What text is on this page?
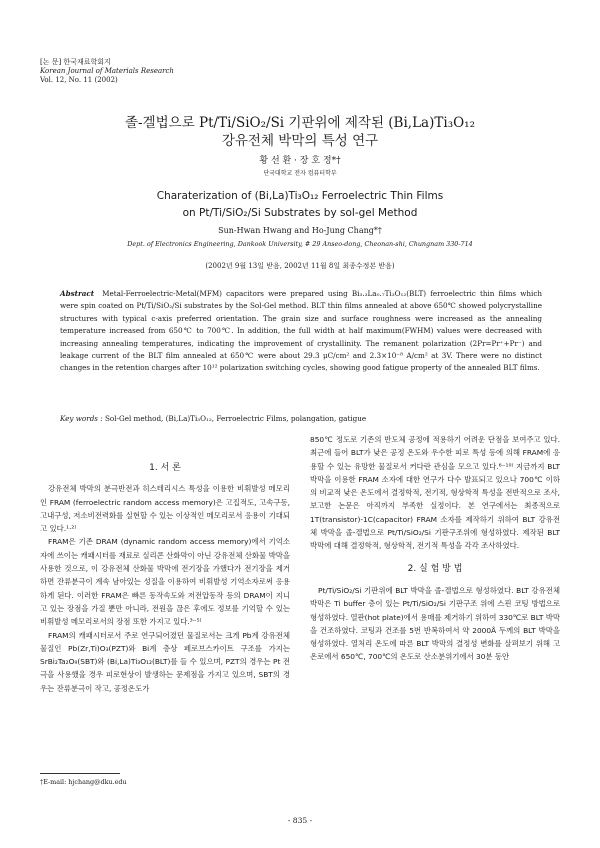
[논 문] 한국재료학회지
Korean Journal of Materials Research
Vol. 12, No. 11 (2002)
졸-겔법으로 Pt/Ti/SiO₂/Si 기판위에 제작된 (Bi,La)Ti₃O₁₂
강유전체 박막의 특성 연구
황 선 환 · 장 호 정*†
단국대학교 전자 컴퓨터학부
Charaterization of (Bi,La)Ti₃O₁₂ Ferroelectric Thin Films
on Pt/Ti/SiO₂/Si Substrates by sol-gel Method
Sun-Hwan Hwang and Ho-Jung Chang*†
Dept. of Electronics Engineering, Dankook University, # 29 Anseo-dong, Cheonan-shi, Chungnam 330-714
(2002년 9월 13일 받음, 2002년 11월 8일 최종수정본 받음)
Abstract Metal-Ferroelectric-Metal(MFM) capacitors were prepared using Bi₃.₃La₀.₇Ti₃O₁₂(BLT) ferroelectric thin films which were spin coated on Pt/Ti/SiO₂/Si substrates by the Sol-Gel method. BLT thin films annealed at above 650℃ showed polycrystalline structures with typical c-axis preferred orientation. The grain size and surface roughness were increased as the annealing temperature increased from 650℃ to 700℃. In addition, the full width at half maximum(FWHM) values were decreased with increasing annealing temperatures, indicating the improvement of crystallinity. The remanent polarization (2Pr=Pr⁺+Pr⁻) and leakage current of the BLT film annealed at 650℃ were about 29.3 μC/cm² and 2.3×10⁻⁸ A/cm² at 3V. There were no distinct changes in the retention charges after 10¹² polarization switching cycles, showing good fatigue property of the annealed BLT films.
Key words : Sol-Gel method, (Bi,La)Ti₃O₁₂, Ferroelectric Films, polangation, gatigue
1. 서 론

강유전체 박막의 분극반전과 히스테리시스 특성을 이용한 비휘발성 메모리인 FRAM (ferroelectric random access memory)은 고집적도, 고속구동, 고내구성, 저소비전력화를 실현할 수 있는 이상적인 메모리로서 응용이 기대되고 있다.¹·²⁾

FRAM은 기존 DRAM (dynamic random access memory)에서 기억소자에 쓰이는 캐패시터를 재료로 실리콘 산화막이 아닌 강유전체 산화물 박막을 사용한 것으로, 이 강유전체 산화물 박막에 전기장을 가했다가 전기장을 제거하면 잔류분극이 계속 남아있는 성질을 이용하여 비휘발성 기억소자로써 응용하게 된다. 이러한 FRAM은 빠른 동작속도와 저전압동작 등의 DRAM이 지니고 있는 장점을 가질 뿐만 아니라, 전원을 끊은 후에도 정보를 기억할 수 있는 비휘발성 메모리로서의 장점 또한 가지고 있다.³⁻⁵⁾

FRAM의 캐패시터로서 주로 연구되어졌던 물질로서는 크게 Pb계 강유전체 물질인 Pb(Zr,Ti)O₃(PZT)와 Bi계 층상 페로브스카이트 구조를 가지는 SrBi₂Ta₂O₉(SBT)와 (Bi,La)Ti₃O₁₂(BLT)를 들 수 있으며, PZT의 경우는 Pt 전극을 사용했을 경우 피로현상이 발생하는 문제점을 가지고 있으며, SBT의 경우는 잔류분극이 작고, 공정온도가

850℃ 정도로 기존의 반도체 공정에 적용하기 어려운 단점을 보여주고 있다. 최근에 들어 BLT가 낮은 공정 온도와 우수한 피로 특성 등에 의해 FRAM에 응용할 수 있는 유망한 물질로서 커다란 관심을 모으고 있다.⁶⁻¹⁰⁾ 지금까지 BLT 박막을 이용한 FRAM 소자에 대한 연구가 다수 발표되고 있으나 700℃ 이하의 비교적 낮은 온도에서 결정학적, 전기적, 형상학적 특성을 전반적으로 조사, 보고한 논문은 아직까지 부족한 실정이다. 본 연구에서는 최종적으로 1T(transistor)-1C(capacitor) FRAM 소자를 제작하기 위하여 BLT 강유전체 박막을 졸-겔법으로 Pt/Ti/SiO₂/Si 기판구조위에 형성하였다. 제작된 BLT 박막에 대해 결정학적, 형상학적, 전기적 특성을 각각 조사하였다.

2. 실 험 방 법

Pt/Ti/SiO₂/Si 기판위에 BLT 박막을 졸-겔법으로 형성하였다. BLT 강유전체 박막은 Ti buffer 층이 있는 Pt/Ti/SiO₂/Si 기판구조 위에 스핀 코팅 방법으로 형성하였다. 열판(hot plate)에서 용매를 제거하기 위하여 330℃로 BLT 박막을 건조하였다. 코팅과 건조를 5번 반복하여서 약 2000Å 두께의 BLT 박막을 형성하였다. 열처리 온도에 따른 BLT 박막의 결정성 변화를 살펴보기 위해 고온로에서 650℃, 700℃의 온도로 산소분위기에서 30분 동안

†E-mail: hjchang@dku.edu
- 835 -
